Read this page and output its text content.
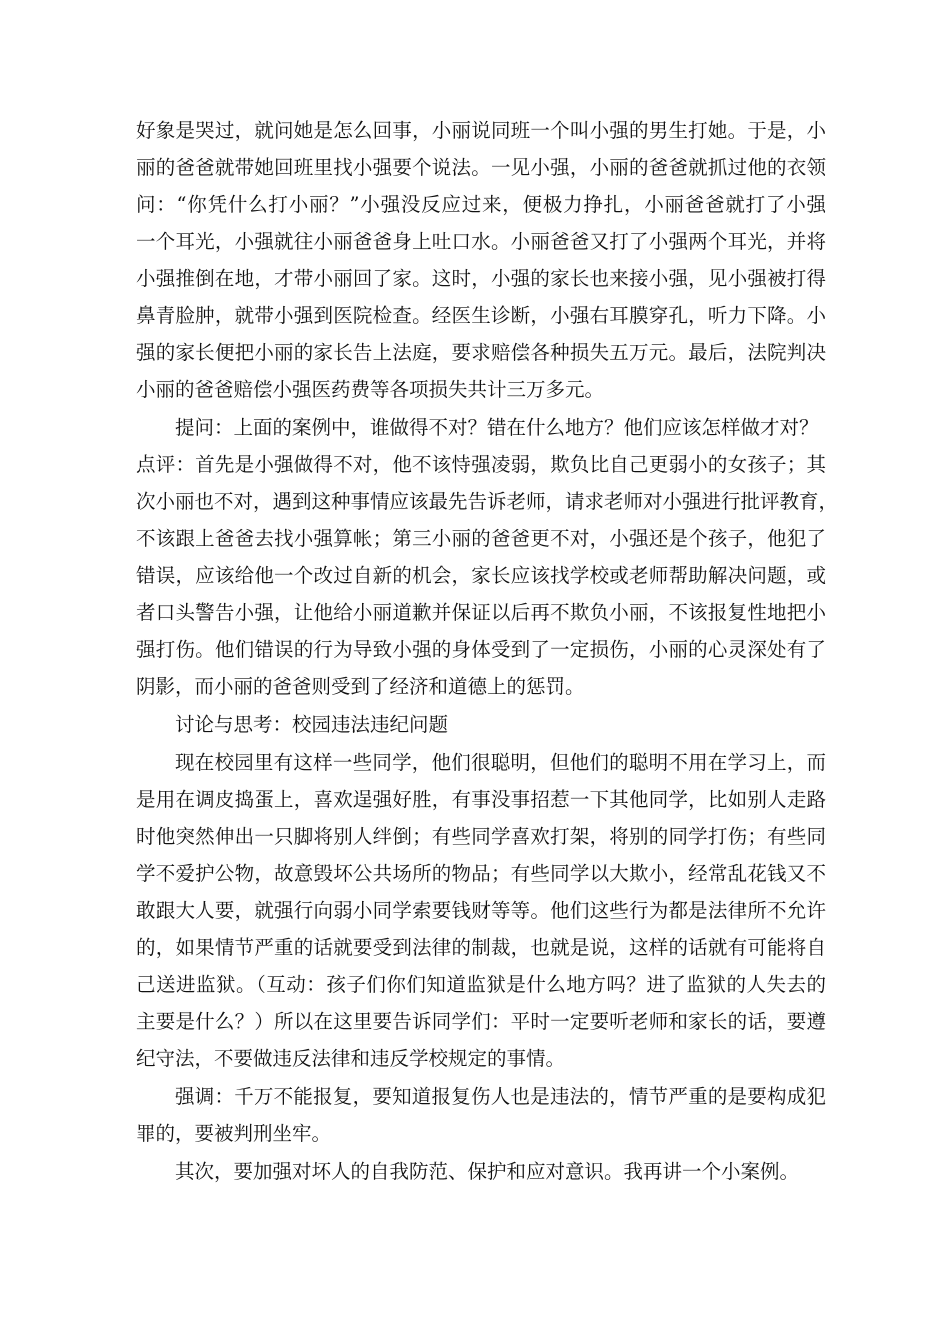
好象是哭过，就问她是怎么回事，小丽说同班一个叫小强的男生打她。于是，小
丽的爸爸就带她回班里找小强要个说法。一见小强，小丽的爸爸就抓过他的衣领
问：“你凭什么打小丽？”小强没反应过来，便极力挣扎，小丽爸爸就打了小强
一个耳光，小强就往小丽爸爸身上吐口水。小丽爸爸又打了小强两个耳光，并将
小强推倒在地，才带小丽回了家。这时，小强的家长也来接小强，见小强被打得
鼻青脸肿，就带小强到医院检查。经医生诊断，小强右耳膜穿孔，听力下降。小
强的家长便把小丽的家长告上法庭，要求赔偿各种损失五万元。最后，法院判决
小丽的爸爸赔偿小强医药费等各项损失共计三万多元。
提问：上面的案例中，谁做得不对？错在什么地方？他们应该怎样做才对？
点评：首先是小强做得不对，他不该恃强凌弱，欺负比自己更弱小的女孩子；其
次小丽也不对，遇到这种事情应该最先告诉老师，请求老师对小强进行批评教育，
不该跟上爸爸去找小强算帐；第三小丽的爸爸更不对，小强还是个孩子，他犯了
错误，应该给他一个改过自新的机会，家长应该找学校或老师帮助解决问题，或
者口头警告小强，让他给小丽道歉并保证以后再不欺负小丽，不该报复性地把小
强打伤。他们错误的行为导致小强的身体受到了一定损伤，小丽的心灵深处有了
阴影，而小丽的爸爸则受到了经济和道德上的惩罚。
讨论与思考：校园违法违纪问题
现在校园里有这样一些同学，他们很聪明，但他们的聪明不用在学习上，而
是用在调皮捣蛋上，喜欢逞强好胜，有事没事招惹一下其他同学，比如别人走路
时他突然伸出一只脚将别人绊倒；有些同学喜欢打架，将别的同学打伤；有些同
学不爱护公物，故意毁坏公共场所的物品；有些同学以大欺小，经常乱花钱又不
敢跟大人要，就强行向弱小同学索要钱财等等。他们这些行为都是法律所不允许
的，如果情节严重的话就要受到法律的制裁，也就是说，这样的话就有可能将自
己送进监狱。（互动：孩子们你们知道监狱是什么地方吗？进了监狱的人失去的
主要是什么？）所以在这里要告诉同学们：平时一定要听老师和家长的话，要遵
纪守法，不要做违反法律和违反学校规定的事情。
强调：千万不能报复，要知道报复伤人也是违法的，情节严重的是要构成犯
罪的，要被判刑坐牢。
其次，要加强对坏人的自我防范、保护和应对意识。我再讲一个小案例。
